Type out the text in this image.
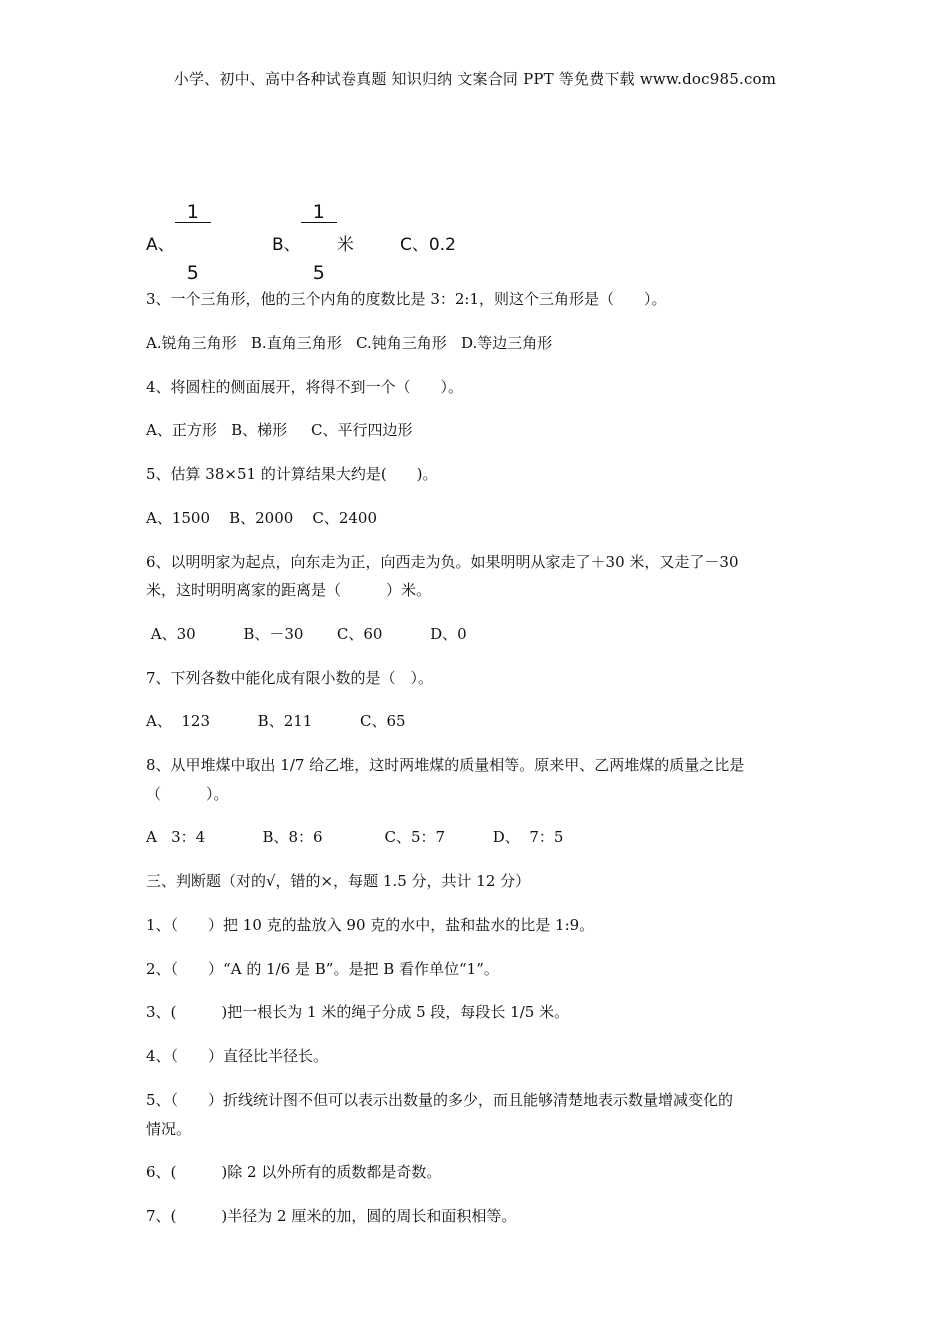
小学、初中、高中各种试卷真题 知识归纳 文案合同 PPT 等免费下载 www.doc985.com
A、

$\frac{1}{5}$

	B、

$\frac{1}{5}$

米	C、0.2
3、一个三角形，他的三个内角的度数比是 3：2:1，则这个三角形是（　　）。
A.锐角三角形   B.直角三角形   C.钝角三角形   D.等边三角形
4、将圆柱的侧面展开，将得不到一个（　　）。
A、正方形   B、梯形     C、平行四边形
5、估算 38×51 的计算结果大约是(　　)。
A、1500    B、2000    C、2400
6、以明明家为起点，向东走为正，向西走为负。如果明明从家走了＋30 米，又走了－30
米，这时明明离家的距离是（　　　）米。
A、30          B、－30       C、60          D、0
7、下列各数中能化成有限小数的是（　）。
A、  123          B、211          C、65
8、从甲堆煤中取出 1/7 给乙堆，这时两堆煤的质量相等。原来甲、乙两堆煤的质量之比是
（　　　）。
A   3：4            B、8：6             C、5：7          D、  7：5
三、判断题（对的√，错的×，每题 1.5 分，共计 12 分）
1、（　　）把 10 克的盐放入 90 克的水中，盐和盐水的比是 1:9。
2、（　　）“A 的 1/6 是 B”。是把 B 看作单位“1”。
3、(　　　)把一根长为 1 米的绳子分成 5 段，每段长 1/5 米。
4、（　　）直径比半径长。
5、（　　）折线统计图不但可以表示出数量的多少，而且能够清楚地表示数量增减变化的
情况。
6、(　　　)除 2 以外所有的质数都是奇数。
7、(　　　)半径为 2 厘米的加，圆的周长和面积相等。
